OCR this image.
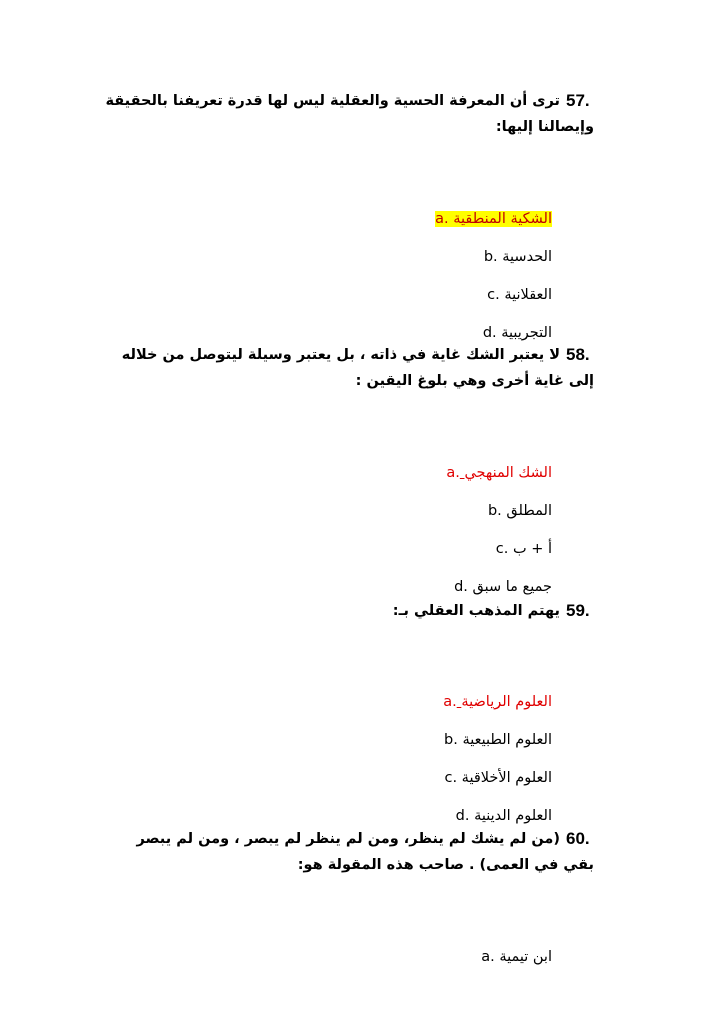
57.
ترى أن المعرفة الحسية والعقلية ليس لها قدرة تعريفنا بالحقيقة وإيصالنا إليها:
a. الشكية المنطقية
b. الحدسية
c. العقلانية
d. التجريبية
58.
لا يعتبر الشك غاية في ذاته ، بل يعتبر وسيلة ليتوصل من خلاله إلى غاية أخرى وهي بلوغ اليقين :
a. الشك المنهجي
b. المطلق
c. أ + ب
d. جميع ما سبق
59.
يهتم المذهب العقلي بـ:
a. العلوم الرياضية
b. العلوم الطبيعية
c. العلوم الأخلاقية
d. العلوم الدينية
60.
(من لم يشك لم ينظر، ومن لم ينظر لم يبصر ، ومن لم يبصر بقي في العمى) . صاحب هذه المقولة هو:
a. ابن تيمية
